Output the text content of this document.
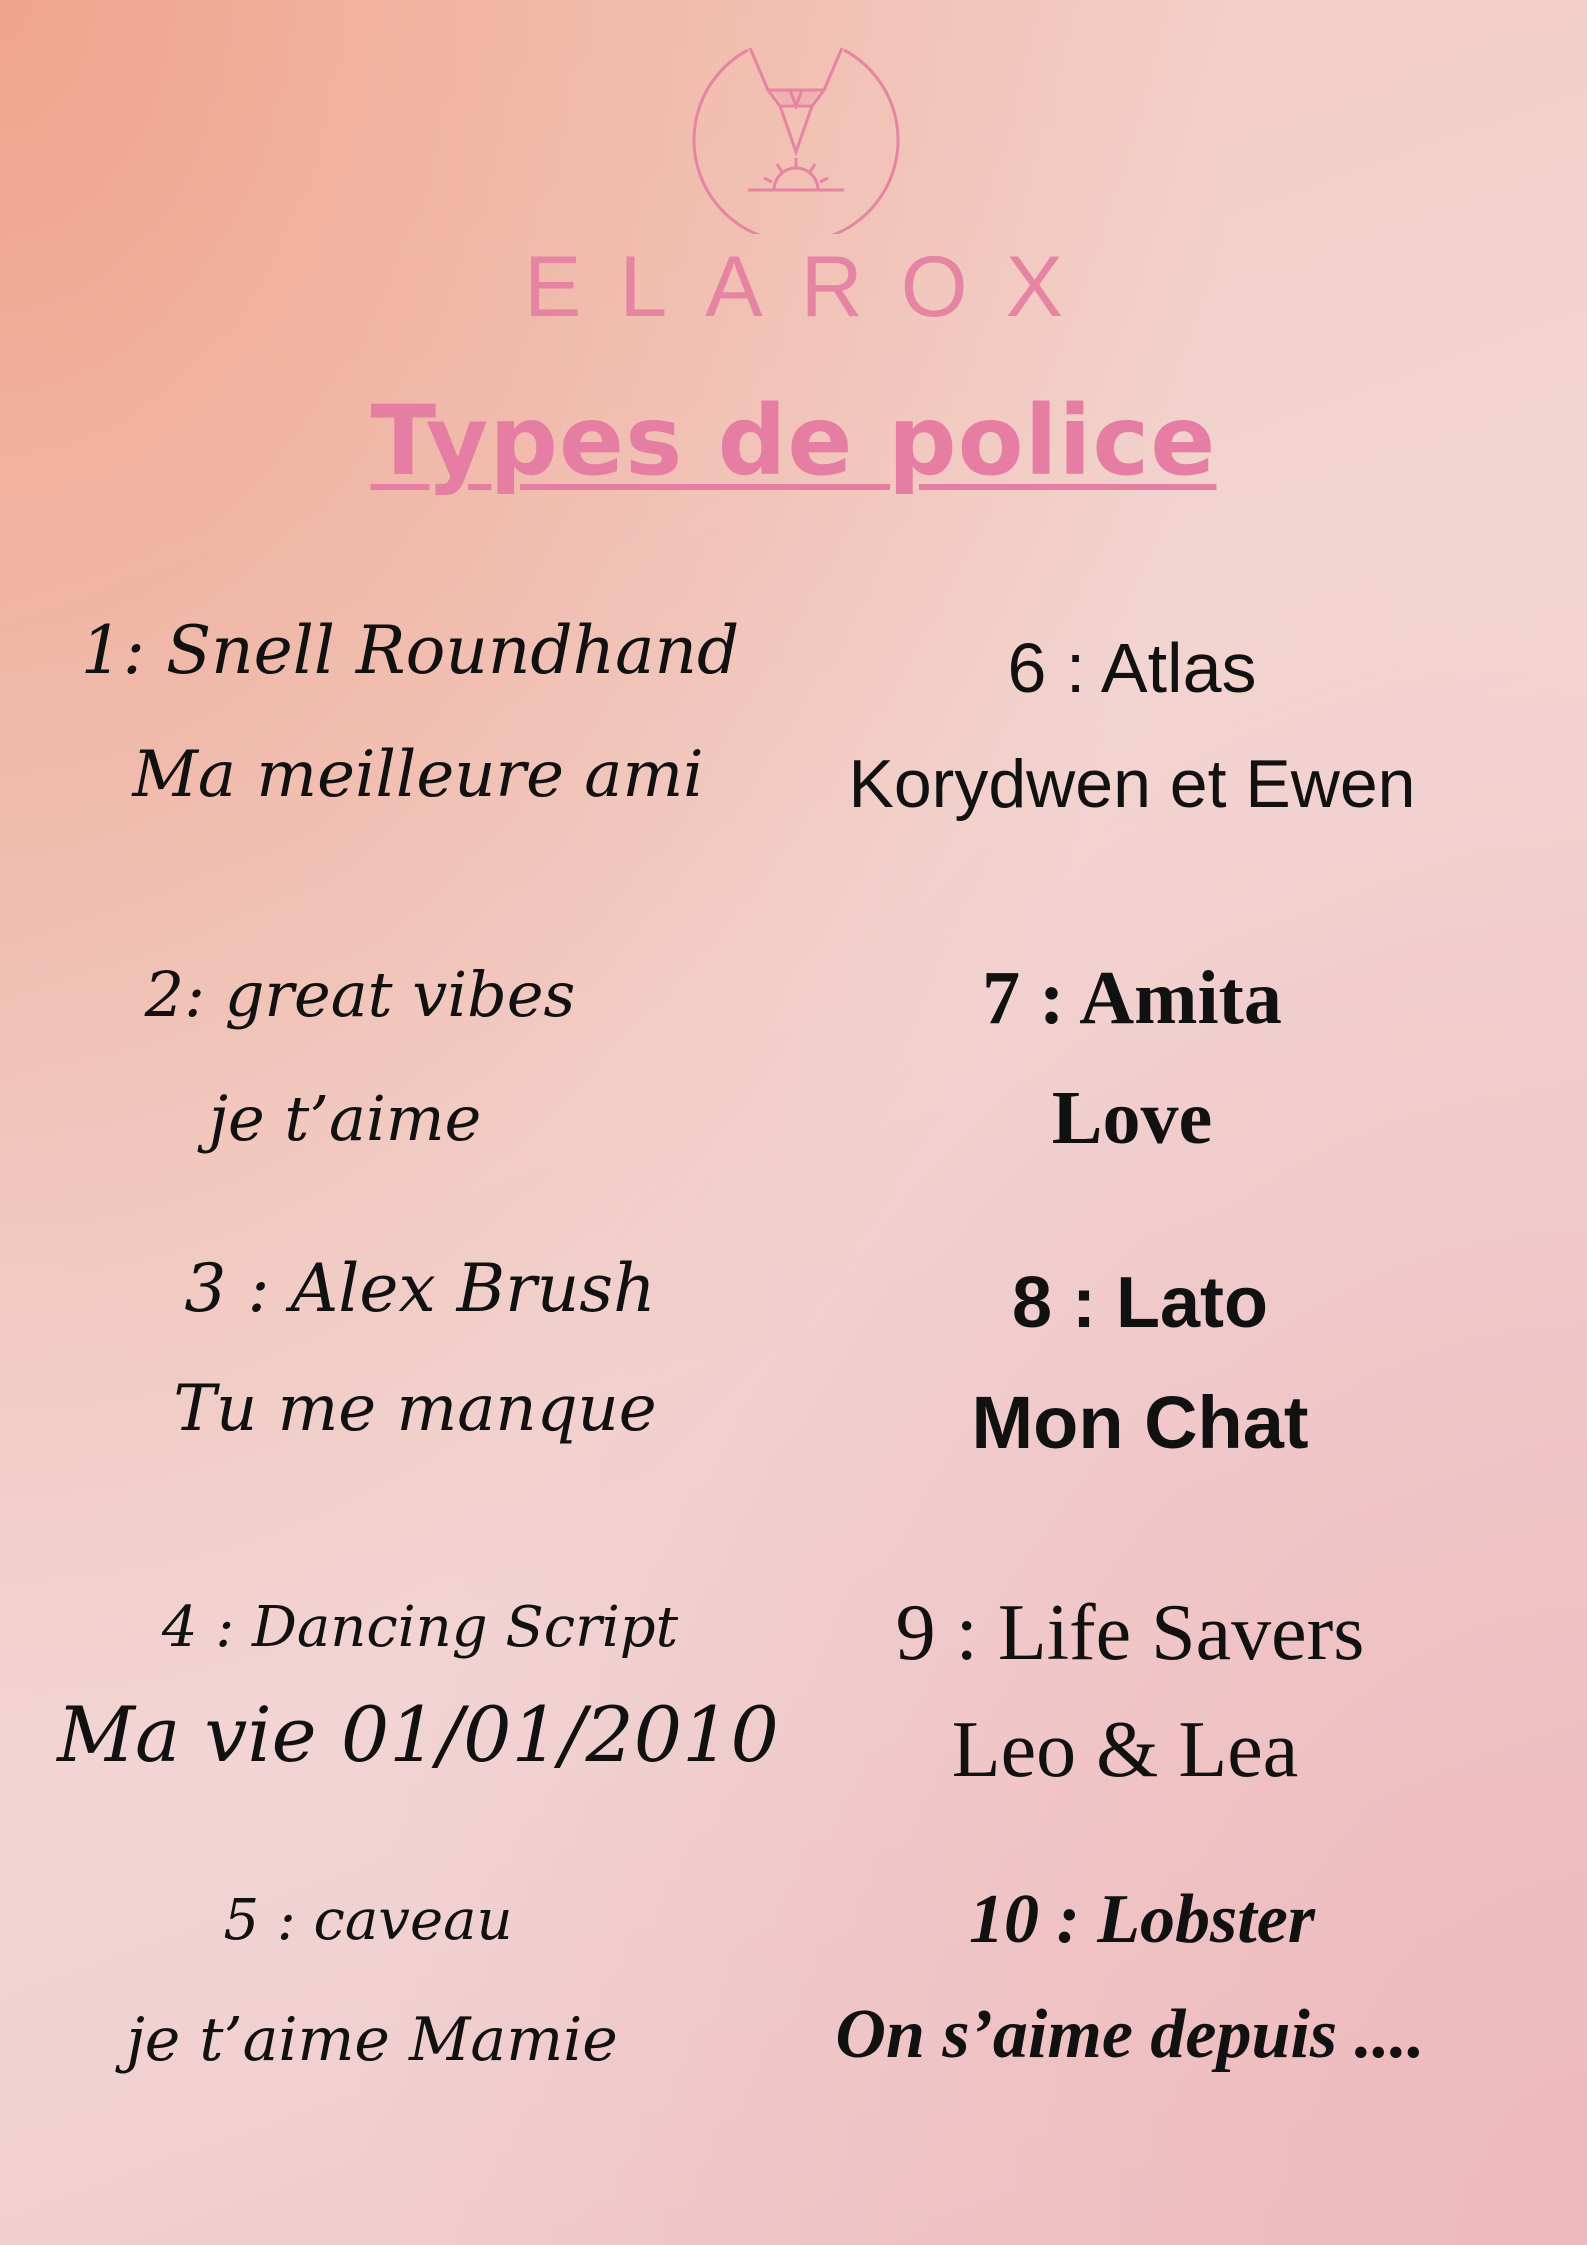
ELAROX
Types de police
1: Snell Roundhand
Ma meilleure ami
2: great vibes
je t’aime
3 : Alex Brush
Tu me manque
4 : Dancing Script
Ma vie 01/01/2010
5 : caveau
je t’aime Mamie
6 : Atlas
Korydwen et Ewen
7 : Amita
Love
8 : Lato
Mon Chat
9 : Life Savers
Leo & Lea
10 : Lobster
On s’aime depuis ....
